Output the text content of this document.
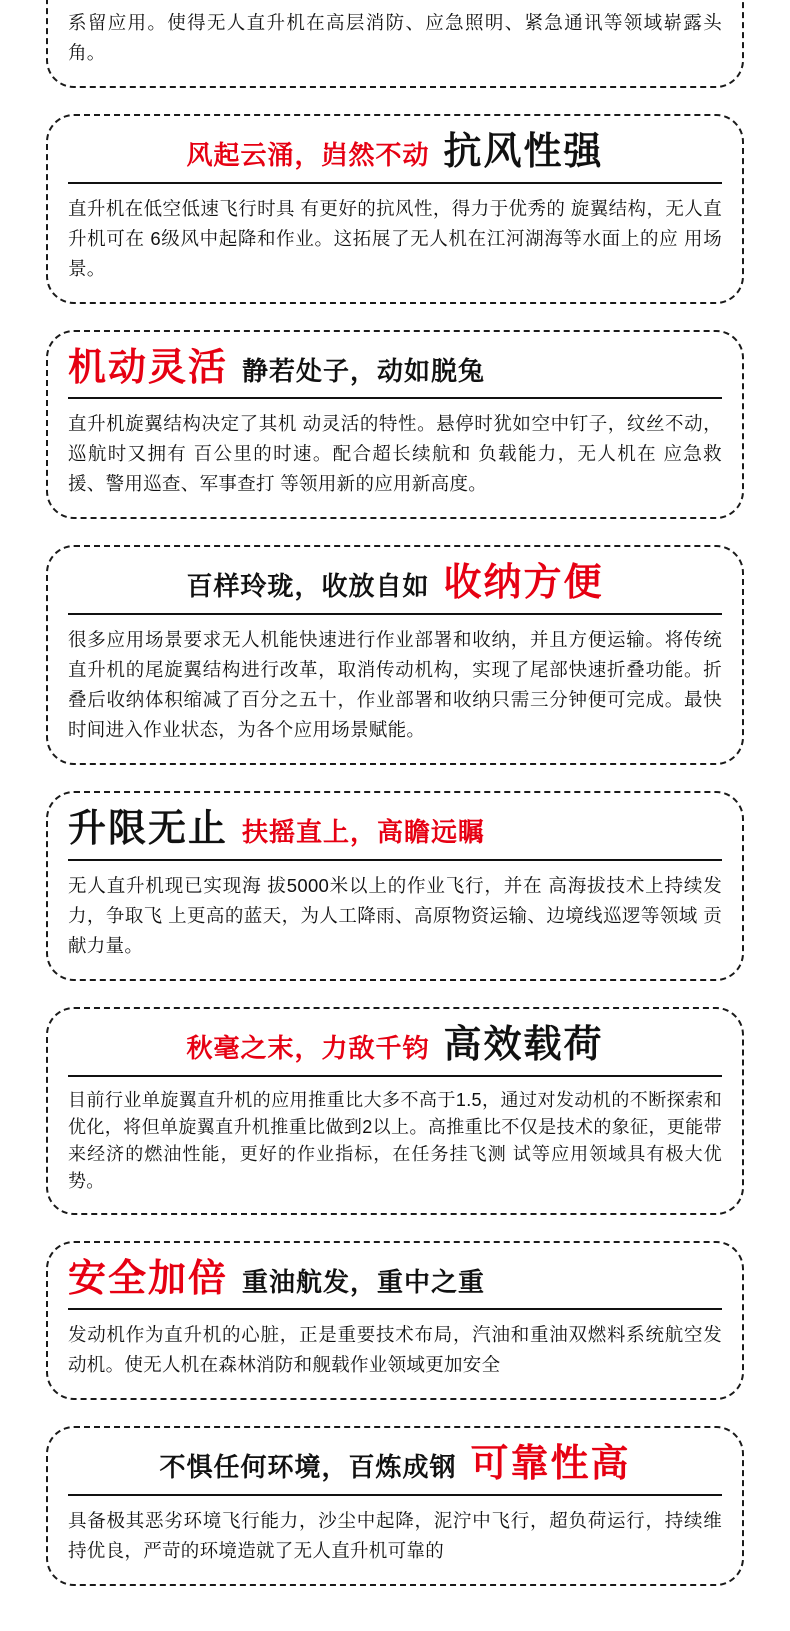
系留应用。使得无人直升机在高层消防、应急照明、紧急通讯等领域崭露头角。
风起云涌，岿然不动 抗风性强
直升机在低空低速飞行时具 有更好的抗风性，得力于优秀的 旋翼结构，无人直升机可在 6级风中起降和作业。这拓展了无人机在江河湖海等水面上的应 用场景。
机动灵活 静若处子，动如脱兔
直升机旋翼结构决定了其机 动灵活的特性。悬停时犹如空中钉子，纹丝不动，巡航时又拥有 百公里的时速。配合超长续航和 负载能力，无人机在 应急救援、警用巡查、军事查打 等领用新的应用新高度。
百样玲珑，收放自如 收纳方便
很多应用场景要求无人机能快速进行作业部署和收纳，并且方便运输。将传统直升机的尾旋翼结构进行改革，取消传动机构，实现了尾部快速折叠功能。折叠后收纳体积缩减了百分之五十，作业部署和收纳只需三分钟便可完成。最快时间进入作业状态，为各个应用场景赋能。
升限无止 扶摇直上，高瞻远瞩
无人直升机现已实现海 拔5000米以上的作业飞行，并在 高海拔技术上持续发力，争取飞 上更高的蓝天，为人工降雨、高原物资运输、边境线巡逻等领域 贡献力量。
秋毫之末，力敌千钧 高效载荷
目前行业单旋翼直升机的应用推重比大多不高于1.5，通过对发动机的不断探索和优化，将但单旋翼直升机推重比做到2以上。高推重比不仅是技术的象征，更能带来经济的燃油性能，更好的作业指标，在任务挂飞测 试等应用领域具有极大优势。
安全加倍 重油航发，重中之重
发动机作为直升机的心脏，正是重要技术布局，汽油和重油双燃料系统航空发动机。使无人机在森林消防和舰载作业领域更加安全
不惧任何环境，百炼成钢 可靠性高
具备极其恶劣环境飞行能力，沙尘中起降，泥泞中飞行，超负荷运行，持续维持优良，严苛的环境造就了无人直升机可靠的
